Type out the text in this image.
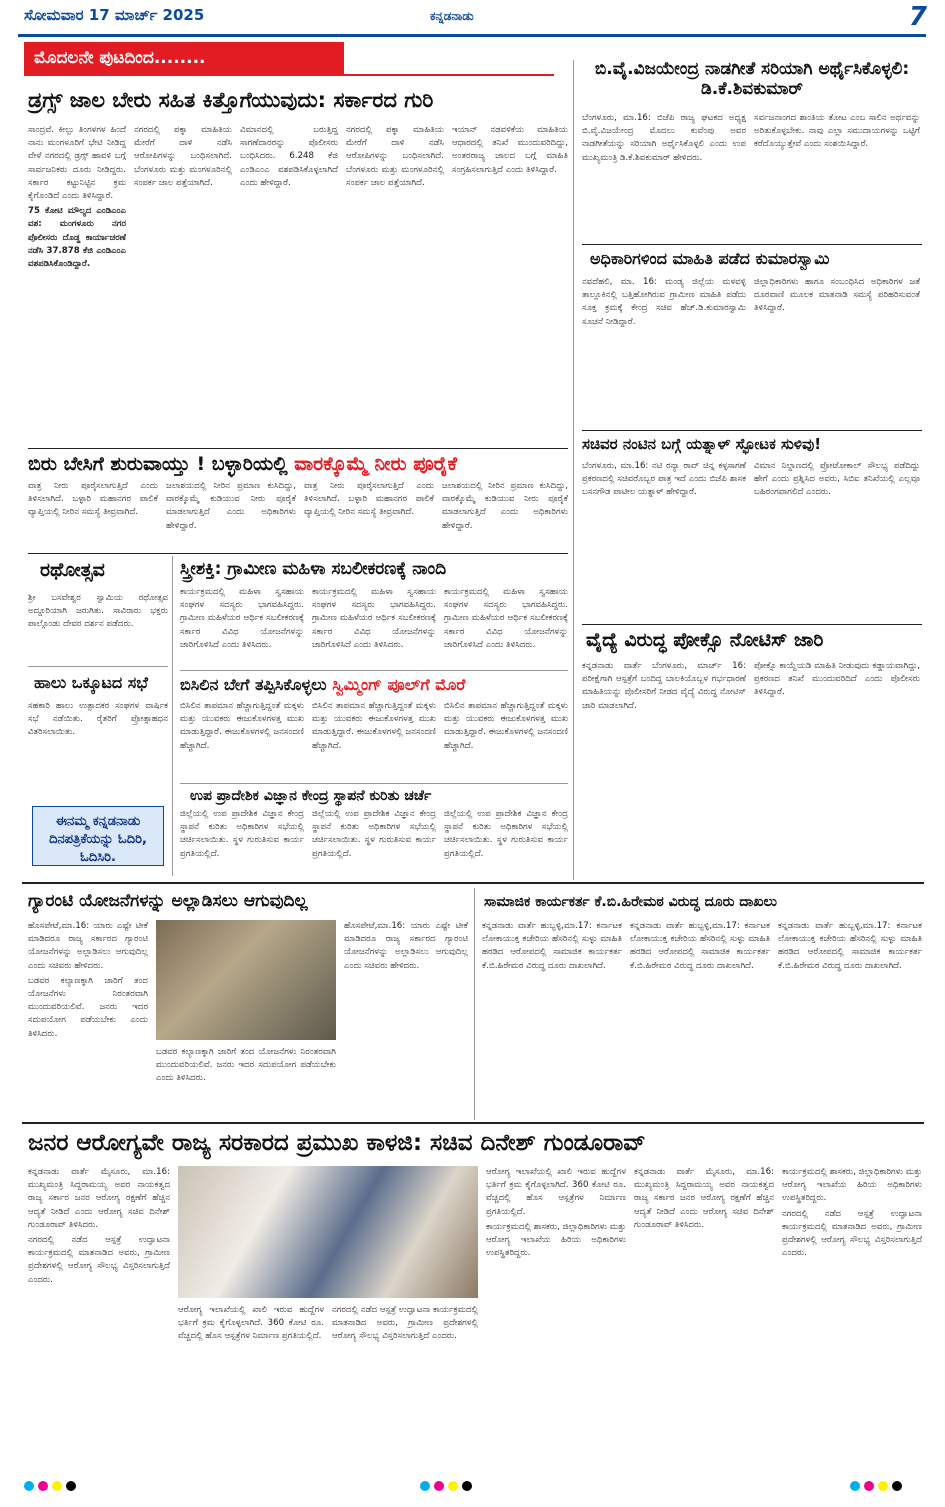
ಸೋಮವಾರ 17 ಮಾರ್ಚ್ 2025	ಕನ್ನಡನಾಡು	7
ಮೊದಲನೇ ಪುಟದಿಂದ........
ಡ್ರಗ್ಸ್ ಜಾಲ ಬೇರು ಸಹಿತ ಕಿತ್ತೊಗೆಯುವುದು: ಸರ್ಕಾರದ ಗುರಿ

ಸಾಂದ್ರವೆ. ಕೀಲ್ಪು ತಿಂಗಳಗಳ ಹಿಂದೆ ನಾನು ಮಂಗಳೂರಿಗೆ ಭೇಟಿ ನೀಡಿದ್ದ ವೇಳೆ ನಗರದಲ್ಲಿ ಡ್ರಗ್ಸ್ ಹಾವಳಿ ಬಗ್ಗೆ ಸಾರ್ವಜನಿಕರು ದೂರು ನೀಡಿದ್ದರು. ಸರ್ಕಾರ ಕಟ್ಟುನಿಟ್ಟಿನ ಕ್ರಮ ಕೈಗೊಂಡಿದೆ ಎಂದು ತಿಳಿಸಿದ್ದಾರೆ.

75 ಕೋಟಿ ಮೌಲ್ಯದ ಎಂಡಿಎಂಎ ವಶ: ಮಂಗಳೂರು ನಗರ ಪೊಲೀಸರು ದೊಡ್ಡ ಕಾರ್ಯಾಚರಣೆ ನಡೆಸಿ 37.878 ಕೆಜಿ ಎಂಡಿಎಂಎ ವಶಪಡಿಸಿಕೊಂಡಿದ್ದಾರೆ.

ನಗರದಲ್ಲಿ ಪಕ್ಕಾ ಮಾಹಿತಿಯ ಮೇರೆಗೆ ದಾಳಿ ನಡೆಸಿ ಆರೋಪಿಗಳನ್ನು ಬಂಧಿಸಲಾಗಿದೆ. ಬೆಂಗಳೂರು ಮತ್ತು ಮಂಗಳೂರಿನಲ್ಲಿ ಸಂಪರ್ಕ ಜಾಲ ಪತ್ತೆಯಾಗಿದೆ.

ವಿಮಾನದಲ್ಲಿ ಬರುತ್ತಿದ್ದ ಸಾಗಣೆದಾರರನ್ನು ಪೊಲೀಸರು ಬಂಧಿಸಿದರು. 6.248 ಕೆಜಿ ಎಂಡಿಎಂಎ ವಶಪಡಿಸಿಕೊಳ್ಳಲಾಗಿದೆ ಎಂದು ಹೇಳಿದ್ದಾರೆ.

ನಗರದಲ್ಲಿ ಪಕ್ಕಾ ಮಾಹಿತಿಯ ಮೇರೆಗೆ ದಾಳಿ ನಡೆಸಿ ಆರೋಪಿಗಳನ್ನು ಬಂಧಿಸಲಾಗಿದೆ. ಬೆಂಗಳೂರು ಮತ್ತು ಮಂಗಳೂರಿನಲ್ಲಿ ಸಂಪರ್ಕ ಜಾಲ ಪತ್ತೆಯಾಗಿದೆ.

ಇಯಾನ್ ನಡವಳಿಕೆಯ ಮಾಹಿತಿಯ ಆಧಾರದಲ್ಲಿ ತನಿಖೆ ಮುಂದುವರಿದಿದ್ದು, ಅಂತರರಾಜ್ಯ ಜಾಲದ ಬಗ್ಗೆ ಮಾಹಿತಿ ಸಂಗ್ರಹಿಸಲಾಗುತ್ತಿದೆ ಎಂದು ತಿಳಿಸಿದ್ದಾರೆ.

ಬಿರು ಬೇಸಿಗೆ ಶುರುವಾಯ್ತು ! ಬಳ್ಳಾರಿಯಲ್ಲಿ ವಾರಕ್ಕೊಮ್ಮೆ ನೀರು ಪೂರೈಕೆ

ವಾತ್ರ ನೀರು ಪೂರೈಸಲಾಗುತ್ತಿದೆ ಎಂದು ತಿಳಿಸಲಾಗಿದೆ. ಬಳ್ಳಾರಿ ಮಹಾನಗರ ಪಾಲಿಕೆ ವ್ಯಾಪ್ತಿಯಲ್ಲಿ ನೀರಿನ ಸಮಸ್ಯೆ ತೀವ್ರವಾಗಿದೆ.

ಜಲಾಶಯದಲ್ಲಿ ನೀರಿನ ಪ್ರಮಾಣ ಕುಸಿದಿದ್ದು, ವಾರಕ್ಕೊಮ್ಮೆ ಕುಡಿಯುವ ನೀರು ಪೂರೈಕೆ ಮಾಡಲಾಗುತ್ತಿದೆ ಎಂದು ಅಧಿಕಾರಿಗಳು ಹೇಳಿದ್ದಾರೆ.

ವಾತ್ರ ನೀರು ಪೂರೈಸಲಾಗುತ್ತಿದೆ ಎಂದು ತಿಳಿಸಲಾಗಿದೆ. ಬಳ್ಳಾರಿ ಮಹಾನಗರ ಪಾಲಿಕೆ ವ್ಯಾಪ್ತಿಯಲ್ಲಿ ನೀರಿನ ಸಮಸ್ಯೆ ತೀವ್ರವಾಗಿದೆ.

ಜಲಾಶಯದಲ್ಲಿ ನೀರಿನ ಪ್ರಮಾಣ ಕುಸಿದಿದ್ದು, ವಾರಕ್ಕೊಮ್ಮೆ ಕುಡಿಯುವ ನೀರು ಪೂರೈಕೆ ಮಾಡಲಾಗುತ್ತಿದೆ ಎಂದು ಅಧಿಕಾರಿಗಳು ಹೇಳಿದ್ದಾರೆ.

ರಥೋತ್ಸವ
ಶ್ರೀ ಬಸವೇಶ್ವರ ಸ್ವಾಮಿಯ ರಥೋತ್ಸವ ಅದ್ದೂರಿಯಾಗಿ ಜರುಗಿತು. ಸಾವಿರಾರು ಭಕ್ತರು ಪಾಲ್ಗೊಂಡು ದೇವರ ದರ್ಶನ ಪಡೆದರು.
ಹಾಲು ಒಕ್ಕೂಟದ ಸಭೆ
ಸಹಕಾರಿ ಹಾಲು ಉತ್ಪಾದಕರ ಸಂಘಗಳ ವಾರ್ಷಿಕ ಸಭೆ ನಡೆಯಿತು. ರೈತರಿಗೆ ಪ್ರೋತ್ಸಾಹಧನ ವಿತರಿಸಲಾಯಿತು.
ಈನಮ್ಮ ಕನ್ನಡನಾಡು ದಿನಪತ್ರಿಕೆಯನ್ನು ಓದಿರಿ, ಓದಿಸಿರಿ.
ಸ್ತ್ರೀಶಕ್ತಿ: ಗ್ರಾಮೀಣ ಮಹಿಳಾ ಸಬಲೀಕರಣಕ್ಕೆ ನಾಂದಿ

ಕಾರ್ಯಕ್ರಮದಲ್ಲಿ ಮಹಿಳಾ ಸ್ವಸಹಾಯ ಸಂಘಗಳ ಸದಸ್ಯರು ಭಾಗವಹಿಸಿದ್ದರು. ಗ್ರಾಮೀಣ ಮಹಿಳೆಯರ ಆರ್ಥಿಕ ಸಬಲೀಕರಣಕ್ಕೆ ಸರ್ಕಾರ ವಿವಿಧ ಯೋಜನೆಗಳನ್ನು ಜಾರಿಗೊಳಿಸಿದೆ ಎಂದು ತಿಳಿಸಿದರು.

ಕಾರ್ಯಕ್ರಮದಲ್ಲಿ ಮಹಿಳಾ ಸ್ವಸಹಾಯ ಸಂಘಗಳ ಸದಸ್ಯರು ಭಾಗವಹಿಸಿದ್ದರು. ಗ್ರಾಮೀಣ ಮಹಿಳೆಯರ ಆರ್ಥಿಕ ಸಬಲೀಕರಣಕ್ಕೆ ಸರ್ಕಾರ ವಿವಿಧ ಯೋಜನೆಗಳನ್ನು ಜಾರಿಗೊಳಿಸಿದೆ ಎಂದು ತಿಳಿಸಿದರು.

ಕಾರ್ಯಕ್ರಮದಲ್ಲಿ ಮಹಿಳಾ ಸ್ವಸಹಾಯ ಸಂಘಗಳ ಸದಸ್ಯರು ಭಾಗವಹಿಸಿದ್ದರು. ಗ್ರಾಮೀಣ ಮಹಿಳೆಯರ ಆರ್ಥಿಕ ಸಬಲೀಕರಣಕ್ಕೆ ಸರ್ಕಾರ ವಿವಿಧ ಯೋಜನೆಗಳನ್ನು ಜಾರಿಗೊಳಿಸಿದೆ ಎಂದು ತಿಳಿಸಿದರು.

ಬಿಸಿಲಿನ ಬೇಗೆ ತಪ್ಪಿಸಿಕೊಳ್ಳಲು ಸ್ವಿಮ್ಮಿಂಗ್ ಪೂಲ್‌ಗೆ ಮೊರೆ

ಬಿಸಿಲಿನ ತಾಪಮಾನ ಹೆಚ್ಚಾಗುತ್ತಿದ್ದಂತೆ ಮಕ್ಕಳು ಮತ್ತು ಯುವಕರು ಈಜುಕೊಳಗಳತ್ತ ಮುಖ ಮಾಡುತ್ತಿದ್ದಾರೆ. ಈಜುಕೊಳಗಳಲ್ಲಿ ಜನಸಂದಣಿ ಹೆಚ್ಚಾಗಿದೆ.

ಬಿಸಿಲಿನ ತಾಪಮಾನ ಹೆಚ್ಚಾಗುತ್ತಿದ್ದಂತೆ ಮಕ್ಕಳು ಮತ್ತು ಯುವಕರು ಈಜುಕೊಳಗಳತ್ತ ಮುಖ ಮಾಡುತ್ತಿದ್ದಾರೆ. ಈಜುಕೊಳಗಳಲ್ಲಿ ಜನಸಂದಣಿ ಹೆಚ್ಚಾಗಿದೆ.

ಬಿಸಿಲಿನ ತಾಪಮಾನ ಹೆಚ್ಚಾಗುತ್ತಿದ್ದಂತೆ ಮಕ್ಕಳು ಮತ್ತು ಯುವಕರು ಈಜುಕೊಳಗಳತ್ತ ಮುಖ ಮಾಡುತ್ತಿದ್ದಾರೆ. ಈಜುಕೊಳಗಳಲ್ಲಿ ಜನಸಂದಣಿ ಹೆಚ್ಚಾಗಿದೆ.

ಉಪ ಪ್ರಾದೇಶಿಕ ವಿಜ್ಞಾನ ಕೇಂದ್ರ ಸ್ಥಾಪನೆ ಕುರಿತು ಚರ್ಚೆ

ಜಿಲ್ಲೆಯಲ್ಲಿ ಉಪ ಪ್ರಾದೇಶಿಕ ವಿಜ್ಞಾನ ಕೇಂದ್ರ ಸ್ಥಾಪನೆ ಕುರಿತು ಅಧಿಕಾರಿಗಳ ಸಭೆಯಲ್ಲಿ ಚರ್ಚಿಸಲಾಯಿತು. ಸ್ಥಳ ಗುರುತಿಸುವ ಕಾರ್ಯ ಪ್ರಗತಿಯಲ್ಲಿದೆ.

ಜಿಲ್ಲೆಯಲ್ಲಿ ಉಪ ಪ್ರಾದೇಶಿಕ ವಿಜ್ಞಾನ ಕೇಂದ್ರ ಸ್ಥಾಪನೆ ಕುರಿತು ಅಧಿಕಾರಿಗಳ ಸಭೆಯಲ್ಲಿ ಚರ್ಚಿಸಲಾಯಿತು. ಸ್ಥಳ ಗುರುತಿಸುವ ಕಾರ್ಯ ಪ್ರಗತಿಯಲ್ಲಿದೆ.

ಜಿಲ್ಲೆಯಲ್ಲಿ ಉಪ ಪ್ರಾದೇಶಿಕ ವಿಜ್ಞಾನ ಕೇಂದ್ರ ಸ್ಥಾಪನೆ ಕುರಿತು ಅಧಿಕಾರಿಗಳ ಸಭೆಯಲ್ಲಿ ಚರ್ಚಿಸಲಾಯಿತು. ಸ್ಥಳ ಗುರುತಿಸುವ ಕಾರ್ಯ ಪ್ರಗತಿಯಲ್ಲಿದೆ.

ಬಿ.ವೈ.ವಿಜಯೇಂದ್ರ ನಾಡಗೀತೆ ಸರಿಯಾಗಿ ಅರ್ಥೈಸಿಕೊಳ್ಳಲಿ: ಡಿ.ಕೆ.ಶಿವಕುಮಾರ್

ಬೆಂಗಳೂರು, ಮಾ.16: ಬಿಜೆಪಿ ರಾಜ್ಯ ಘಟಕದ ಅಧ್ಯಕ್ಷ ಬಿ.ವೈ.ವಿಜಯೇಂದ್ರ ಮೊದಲು ಕುವೆಂಪು ಅವರ ನಾಡಗೀತೆಯನ್ನು ಸರಿಯಾಗಿ ಅರ್ಥೈಸಿಕೊಳ್ಳಲಿ ಎಂದು ಉಪ ಮುಖ್ಯಮಂತ್ರಿ ಡಿ.ಕೆ.ಶಿವಕುಮಾರ್ ಹೇಳಿದರು.

ಸರ್ವಜನಾಂಗದ ಶಾಂತಿಯ ತೋಟ ಎಂಬ ಸಾಲಿನ ಅರ್ಥವನ್ನು ಅರಿತುಕೊಳ್ಳಬೇಕು. ನಾವು ಎಲ್ಲಾ ಸಮುದಾಯಗಳನ್ನು ಒಟ್ಟಿಗೆ ಕರೆದೊಯ್ಯುತ್ತೇವೆ ಎಂದು ಸಂಶಯಿಸಿದ್ದಾರೆ.

ಅಧಿಕಾರಿಗಳಿಂದ ಮಾಹಿತಿ ಪಡೆದ ಕುಮಾರಸ್ವಾಮಿ

ನವದೆಹಲಿ, ಮಾ. 16: ಮಂಡ್ಯ ಜಿಲ್ಲೆಯ ಮಳವಳ್ಳಿ ತಾಲ್ಲೂಕಿನಲ್ಲಿ ಬತ್ತಿಹೋಗಿರುವ ಗ್ರಾಮೀಣ ಮಾಹಿತಿ ಪಡೆದು ಸೂಕ್ತ ಕ್ರಮಕ್ಕೆ ಕೇಂದ್ರ ಸಚಿವ ಹೆಚ್.ಡಿ.ಕುಮಾರಸ್ವಾಮಿ ಸೂಚನೆ ನೀಡಿದ್ದಾರೆ.

ಜಿಲ್ಲಾಧಿಕಾರಿಗಳು ಹಾಗೂ ಸಂಬಂಧಿಸಿದ ಅಧಿಕಾರಿಗಳ ಜತೆ ದೂರವಾಣಿ ಮೂಲಕ ಮಾತನಾಡಿ ಸಮಸ್ಯೆ ಪರಿಹರಿಸುವಂತೆ ತಿಳಿಸಿದ್ದಾರೆ.

ಸಚಿವರ ನಂಟಿನ ಬಗ್ಗೆ ಯತ್ನಾಳ್ ಸ್ಫೋಟಕ ಸುಳಿವು!

ಬೆಂಗಳೂರು, ಮಾ.16: ನಟಿ ರನ್ಯಾ ರಾವ್ ಚಿನ್ನ ಕಳ್ಳಸಾಗಣೆ ಪ್ರಕರಣದಲ್ಲಿ ಸಚಿವರೊಬ್ಬರ ಪಾತ್ರ ಇದೆ ಎಂದು ಬಿಜೆಪಿ ಶಾಸಕ ಬಸನಗೌಡ ಪಾಟೀಲ ಯತ್ನಾಳ್ ಹೇಳಿದ್ದಾರೆ.

ವಿಮಾನ ನಿಲ್ದಾಣದಲ್ಲಿ ಪ್ರೋಟೋಕಾಲ್ ಸೌಲಭ್ಯ ಪಡೆದಿದ್ದು ಹೇಗೆ ಎಂದು ಪ್ರಶ್ನಿಸಿದ ಅವರು, ಸಿಬಿಐ ತನಿಖೆಯಲ್ಲಿ ಎಲ್ಲವೂ ಬಹಿರಂಗವಾಗಲಿದೆ ಎಂದರು.

ವೈದ್ಯೆ ವಿರುದ್ಧ ಪೋಕ್ಸೊ ನೋಟಿಸ್ ಜಾರಿ

ಕನ್ನಡನಾಡು ವಾರ್ತೆ ಬೆಂಗಳೂರು, ಮಾರ್ಚ್ 16: ಪರೀಕ್ಷೆಗಾಗಿ ಆಸ್ಪತ್ರೆಗೆ ಬಂದಿದ್ದ ಬಾಲಕಿಯೊಬ್ಬಳ ಗರ್ಭಧಾರಣೆ ಮಾಹಿತಿಯನ್ನು ಪೊಲೀಸರಿಗೆ ನೀಡದ ವೈದ್ಯೆ ವಿರುದ್ಧ ನೋಟಿಸ್ ಜಾರಿ ಮಾಡಲಾಗಿದೆ.

ಪೋಕ್ಸೊ ಕಾಯ್ದೆಯಡಿ ಮಾಹಿತಿ ನೀಡುವುದು ಕಡ್ಡಾಯವಾಗಿದ್ದು, ಪ್ರಕರಣದ ತನಿಖೆ ಮುಂದುವರಿದಿದೆ ಎಂದು ಪೊಲೀಸರು ತಿಳಿಸಿದ್ದಾರೆ.

ಗ್ಯಾರಂಟಿ ಯೋಜನೆಗಳನ್ನು ಅಲ್ಲಾಡಿಸಲು ಆಗುವುದಿಲ್ಲ

ಹೊಸಪೇಟೆ,ಮಾ.16: ಯಾರು ಎಷ್ಟೇ ಟೀಕೆ ಮಾಡಿದರೂ ರಾಜ್ಯ ಸರ್ಕಾರದ ಗ್ಯಾರಂಟಿ ಯೋಜನೆಗಳನ್ನು ಅಲ್ಲಾಡಿಸಲು ಆಗುವುದಿಲ್ಲ ಎಂದು ಸಚಿವರು ಹೇಳಿದರು.

ಬಡವರ ಕಲ್ಯಾಣಕ್ಕಾಗಿ ಜಾರಿಗೆ ತಂದ ಯೋಜನೆಗಳು ನಿರಂತರವಾಗಿ ಮುಂದುವರಿಯಲಿವೆ. ಜನರು ಇದರ ಸದುಪಯೋಗ ಪಡೆಯಬೇಕು ಎಂದು ತಿಳಿಸಿದರು.

ಬಡವರ ಕಲ್ಯಾಣಕ್ಕಾಗಿ ಜಾರಿಗೆ ತಂದ ಯೋಜನೆಗಳು ನಿರಂತರವಾಗಿ ಮುಂದುವರಿಯಲಿವೆ. ಜನರು ಇದರ ಸದುಪಯೋಗ ಪಡೆಯಬೇಕು ಎಂದು ತಿಳಿಸಿದರು.

ಹೊಸಪೇಟೆ,ಮಾ.16: ಯಾರು ಎಷ್ಟೇ ಟೀಕೆ ಮಾಡಿದರೂ ರಾಜ್ಯ ಸರ್ಕಾರದ ಗ್ಯಾರಂಟಿ ಯೋಜನೆಗಳನ್ನು ಅಲ್ಲಾಡಿಸಲು ಆಗುವುದಿಲ್ಲ ಎಂದು ಸಚಿವರು ಹೇಳಿದರು.

ಸಾಮಾಜಿಕ ಕಾರ್ಯಕರ್ತ ಕೆ.ಬಿ.ಹಿರೇಮಠ ವಿರುದ್ಧ ದೂರು ದಾಖಲು

ಕನ್ನಡನಾಡು ವಾರ್ತೆ ಹುಬ್ಬಳ್ಳಿ,ಮಾ.17: ಕರ್ನಾಟಕ ಲೋಕಾಯುಕ್ತ ಕಚೇರಿಯ ಹೆಸರಿನಲ್ಲಿ ಸುಳ್ಳು ಮಾಹಿತಿ ಹರಡಿದ ಆರೋಪದಲ್ಲಿ ಸಾಮಾಜಿಕ ಕಾರ್ಯಕರ್ತ ಕೆ.ಬಿ.ಹಿರೇಮಠ ವಿರುದ್ಧ ದೂರು ದಾಖಲಾಗಿದೆ.

ಕನ್ನಡನಾಡು ವಾರ್ತೆ ಹುಬ್ಬಳ್ಳಿ,ಮಾ.17: ಕರ್ನಾಟಕ ಲೋಕಾಯುಕ್ತ ಕಚೇರಿಯ ಹೆಸರಿನಲ್ಲಿ ಸುಳ್ಳು ಮಾಹಿತಿ ಹರಡಿದ ಆರೋಪದಲ್ಲಿ ಸಾಮಾಜಿಕ ಕಾರ್ಯಕರ್ತ ಕೆ.ಬಿ.ಹಿರೇಮಠ ವಿರುದ್ಧ ದೂರು ದಾಖಲಾಗಿದೆ.

ಕನ್ನಡನಾಡು ವಾರ್ತೆ ಹುಬ್ಬಳ್ಳಿ,ಮಾ.17: ಕರ್ನಾಟಕ ಲೋಕಾಯುಕ್ತ ಕಚೇರಿಯ ಹೆಸರಿನಲ್ಲಿ ಸುಳ್ಳು ಮಾಹಿತಿ ಹರಡಿದ ಆರೋಪದಲ್ಲಿ ಸಾಮಾಜಿಕ ಕಾರ್ಯಕರ್ತ ಕೆ.ಬಿ.ಹಿರೇಮಠ ವಿರುದ್ಧ ದೂರು ದಾಖಲಾಗಿದೆ.

ಜನರ ಆರೋಗ್ಯವೇ ರಾಜ್ಯ ಸರಕಾರದ ಪ್ರಮುಖ ಕಾಳಜಿ: ಸಚಿವ ದಿನೇಶ್ ಗುಂಡೂರಾವ್

ಕನ್ನಡನಾಡು ವಾರ್ತೆ ಮೈಸೂರು, ಮಾ.16: ಮುಖ್ಯಮಂತ್ರಿ ಸಿದ್ದರಾಮಯ್ಯ ಅವರ ನಾಯಕತ್ವದ ರಾಜ್ಯ ಸರ್ಕಾರ ಜನರ ಆರೋಗ್ಯ ರಕ್ಷಣೆಗೆ ಹೆಚ್ಚಿನ ಆದ್ಯತೆ ನೀಡಿದೆ ಎಂದು ಆರೋಗ್ಯ ಸಚಿವ ದಿನೇಶ್ ಗುಂಡೂರಾವ್ ತಿಳಿಸಿದರು.

ನಗರದಲ್ಲಿ ನಡೆದ ಆಸ್ಪತ್ರೆ ಉದ್ಘಾಟನಾ ಕಾರ್ಯಕ್ರಮದಲ್ಲಿ ಮಾತನಾಡಿದ ಅವರು, ಗ್ರಾಮೀಣ ಪ್ರದೇಶಗಳಲ್ಲಿ ಆರೋಗ್ಯ ಸೌಲಭ್ಯ ವಿಸ್ತರಿಸಲಾಗುತ್ತಿದೆ ಎಂದರು.

ಆರೋಗ್ಯ ಇಲಾಖೆಯಲ್ಲಿ ಖಾಲಿ ಇರುವ ಹುದ್ದೆಗಳ ಭರ್ತಿಗೆ ಕ್ರಮ ಕೈಗೊಳ್ಳಲಾಗಿದೆ. 360 ಕೋಟಿ ರೂ. ವೆಚ್ಚದಲ್ಲಿ ಹೊಸ ಆಸ್ಪತ್ರೆಗಳ ನಿರ್ಮಾಣ ಪ್ರಗತಿಯಲ್ಲಿದೆ.

ನಗರದಲ್ಲಿ ನಡೆದ ಆಸ್ಪತ್ರೆ ಉದ್ಘಾಟನಾ ಕಾರ್ಯಕ್ರಮದಲ್ಲಿ ಮಾತನಾಡಿದ ಅವರು, ಗ್ರಾಮೀಣ ಪ್ರದೇಶಗಳಲ್ಲಿ ಆರೋಗ್ಯ ಸೌಲಭ್ಯ ವಿಸ್ತರಿಸಲಾಗುತ್ತಿದೆ ಎಂದರು.

ಆರೋಗ್ಯ ಇಲಾಖೆಯಲ್ಲಿ ಖಾಲಿ ಇರುವ ಹುದ್ದೆಗಳ ಭರ್ತಿಗೆ ಕ್ರಮ ಕೈಗೊಳ್ಳಲಾಗಿದೆ. 360 ಕೋಟಿ ರೂ. ವೆಚ್ಚದಲ್ಲಿ ಹೊಸ ಆಸ್ಪತ್ರೆಗಳ ನಿರ್ಮಾಣ ಪ್ರಗತಿಯಲ್ಲಿದೆ.

ಕಾರ್ಯಕ್ರಮದಲ್ಲಿ ಶಾಸಕರು, ಜಿಲ್ಲಾಧಿಕಾರಿಗಳು ಮತ್ತು ಆರೋಗ್ಯ ಇಲಾಖೆಯ ಹಿರಿಯ ಅಧಿಕಾರಿಗಳು ಉಪಸ್ಥಿತರಿದ್ದರು.

ಕನ್ನಡನಾಡು ವಾರ್ತೆ ಮೈಸೂರು, ಮಾ.16: ಮುಖ್ಯಮಂತ್ರಿ ಸಿದ್ದರಾಮಯ್ಯ ಅವರ ನಾಯಕತ್ವದ ರಾಜ್ಯ ಸರ್ಕಾರ ಜನರ ಆರೋಗ್ಯ ರಕ್ಷಣೆಗೆ ಹೆಚ್ಚಿನ ಆದ್ಯತೆ ನೀಡಿದೆ ಎಂದು ಆರೋಗ್ಯ ಸಚಿವ ದಿನೇಶ್ ಗುಂಡೂರಾವ್ ತಿಳಿಸಿದರು.

ಕಾರ್ಯಕ್ರಮದಲ್ಲಿ ಶಾಸಕರು, ಜಿಲ್ಲಾಧಿಕಾರಿಗಳು ಮತ್ತು ಆರೋಗ್ಯ ಇಲಾಖೆಯ ಹಿರಿಯ ಅಧಿಕಾರಿಗಳು ಉಪಸ್ಥಿತರಿದ್ದರು.

ನಗರದಲ್ಲಿ ನಡೆದ ಆಸ್ಪತ್ರೆ ಉದ್ಘಾಟನಾ ಕಾರ್ಯಕ್ರಮದಲ್ಲಿ ಮಾತನಾಡಿದ ಅವರು, ಗ್ರಾಮೀಣ ಪ್ರದೇಶಗಳಲ್ಲಿ ಆರೋಗ್ಯ ಸೌಲಭ್ಯ ವಿಸ್ತರಿಸಲಾಗುತ್ತಿದೆ ಎಂದರು.
